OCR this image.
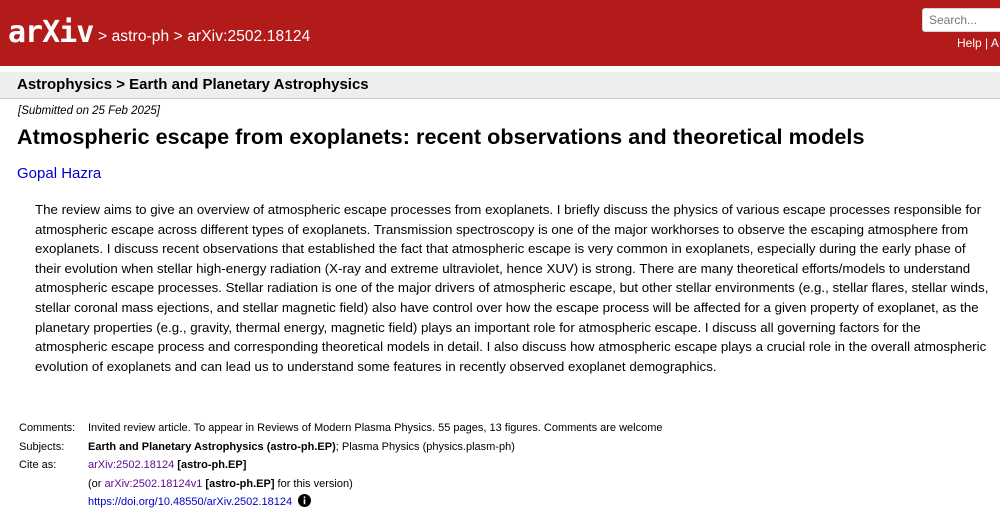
arXiv > astro-ph > arXiv:2502.18124
Search...	Help | A
Astrophysics > Earth and Planetary Astrophysics
[Submitted on 25 Feb 2025]
Atmospheric escape from exoplanets: recent observations and theoretical models
Gopal Hazra

The review aims to give an overview of atmospheric escape processes from exoplanets. I briefly discuss the physics of various escape processes responsible for atmospheric escape across different types of exoplanets. Transmission spectroscopy is one of the major workhorses to observe the escaping atmosphere from exoplanets. I discuss recent observations that established the fact that atmospheric escape is very common in exoplanets, especially during the early phase of their evolution when stellar high-energy radiation (X-ray and extreme ultraviolet, hence XUV) is strong. There are many theoretical efforts/models to understand atmospheric escape processes. Stellar radiation is one of the major drivers of atmospheric escape, but other stellar environments (e.g., stellar flares, stellar winds, stellar coronal mass ejections, and stellar magnetic field) also have control over how the escape process will be affected for a given property of exoplanet, as the planetary properties (e.g., gravity, thermal energy, magnetic field) plays an important role for atmospheric escape. I discuss all governing factors for the atmospheric escape process and corresponding theoretical models in detail. I also discuss how atmospheric escape plays a crucial role in the overall atmospheric evolution of exoplanets and can lead us to understand some features in recently observed exoplanet demographics.

Comments:	Invited review article. To appear in Reviews of Modern Plasma Physics. 55 pages, 13 figures. Comments are welcome
Subjects:	Earth and Planetary Astrophysics (astro-ph.EP); Plasma Physics (physics.plasm-ph)
Cite as:	arXiv:2502.18124 [astro-ph.EP]
(or arXiv:2502.18124v1 [astro-ph.EP] for this version)
https://doi.org/10.48550/arXiv.2502.18124
